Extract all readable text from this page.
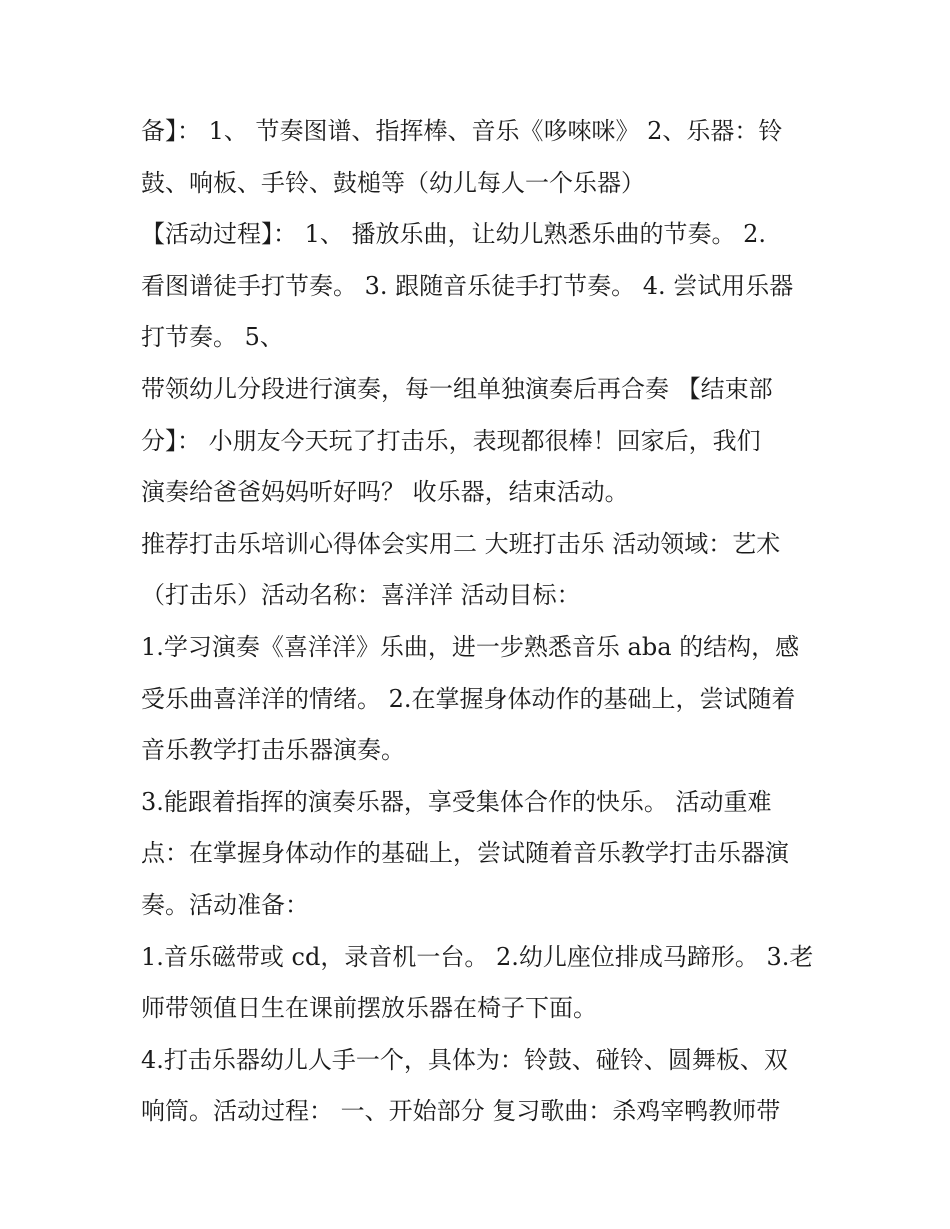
备】： 1、 节奏图谱、指挥棒、音乐《哆唻咪》 2、乐器：铃
鼓、响板、手铃、鼓槌等（幼儿每人一个乐器）
【活动过程】： 1、 播放乐曲，让幼儿熟悉乐曲的节奏。 2.
看图谱徒手打节奏。 3. 跟随音乐徒手打节奏。 4. 尝试用乐器
打节奏。 5、
带领幼儿分段进行演奏，每一组单独演奏后再合奏 【结束部
分】： 小朋友今天玩了打击乐，表现都很棒！回家后，我们
演奏给爸爸妈妈听好吗？ 收乐器，结束活动。
推荐打击乐培训心得体会实用二 大班打击乐 活动领域：艺术
（打击乐）活动名称：喜洋洋 活动目标：
1.学习演奏《喜洋洋》乐曲，进一步熟悉音乐 aba 的结构，感
受乐曲喜洋洋的情绪。 2.在掌握身体动作的基础上，尝试随着
音乐教学打击乐器演奏。
3.能跟着指挥的演奏乐器，享受集体合作的快乐。 活动重难
点：在掌握身体动作的基础上，尝试随着音乐教学打击乐器演
奏。活动准备：
1.音乐磁带或 cd，录音机一台。 2.幼儿座位排成马蹄形。 3.老
师带领值日生在课前摆放乐器在椅子下面。
4.打击乐器幼儿人手一个，具体为：铃鼓、碰铃、圆舞板、双
响筒。活动过程： 一、开始部分 复习歌曲：杀鸡宰鸭教师带
